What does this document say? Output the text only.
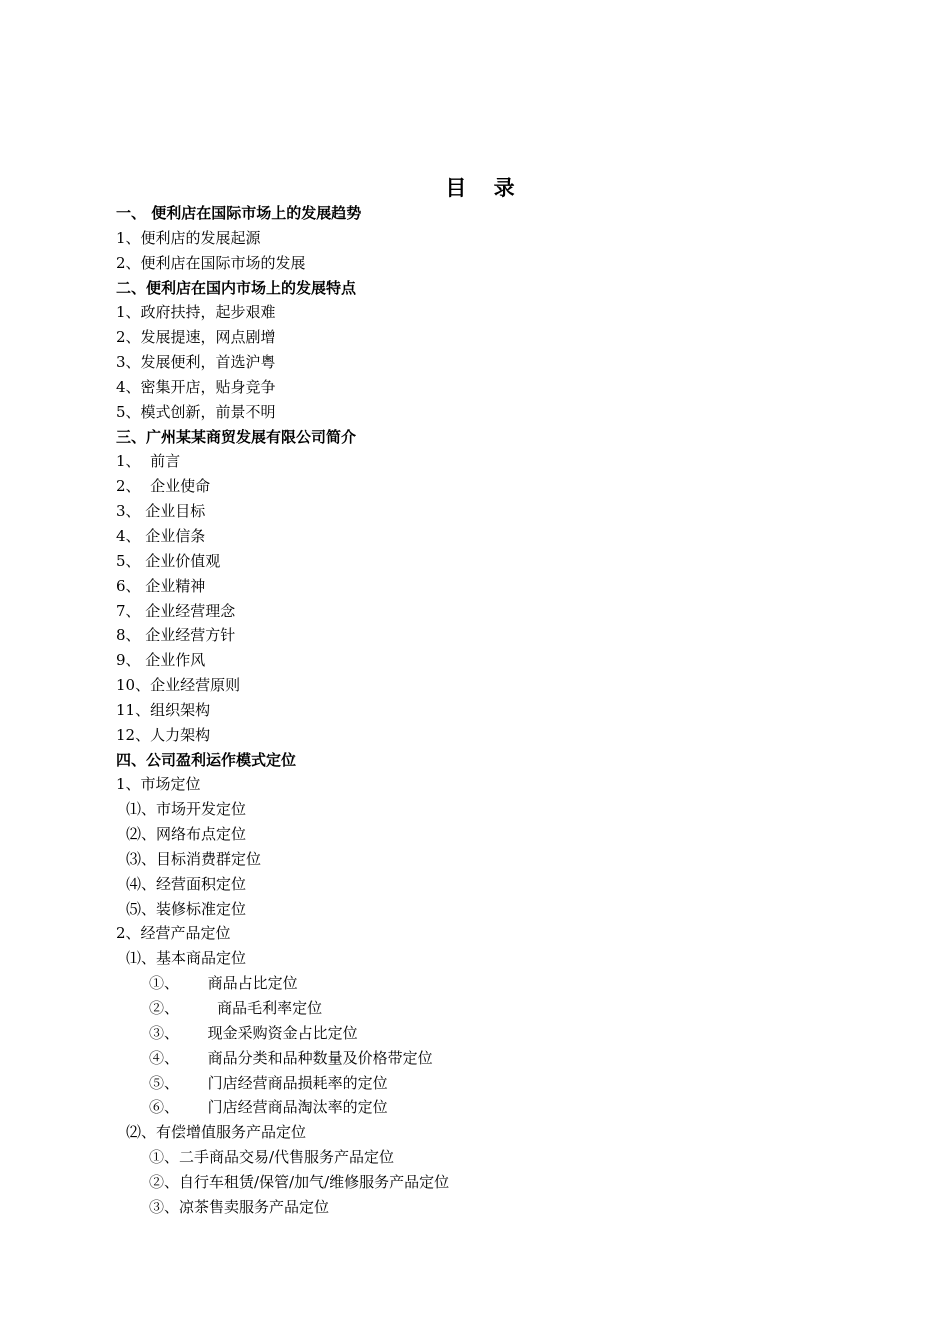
目 录
一、 便利店在国际市场上的发展趋势
1、便利店的发展起源
2、便利店在国际市场的发展
二、便利店在国内市场上的发展特点
1、政府扶持，起步艰难
2、发展提速，网点剧增
3、发展便利，首选沪粤
4、密集开店，贴身竞争
5、模式创新，前景不明
三、广州某某商贸发展有限公司简介
1、  前言
2、  企业使命
3、 企业目标
4、 企业信条
5、 企业价值观
6、 企业精神
7、 企业经营理念
8、 企业经营方针
9、 企业作风
10、企业经营原则
11、组织架构
12、人力架构
四、公司盈利运作模式定位
1、市场定位
⑴、市场开发定位
⑵、网络布点定位
⑶、目标消费群定位
⑷、经营面积定位
⑸、装修标准定位
2、经营产品定位
⑴、基本商品定位
①、      商品占比定位
②、        商品毛利率定位
③、      现金采购资金占比定位
④、      商品分类和品种数量及价格带定位
⑤、      门店经营商品损耗率的定位
⑥、      门店经营商品淘汰率的定位
⑵、有偿增值服务产品定位
①、二手商品交易/代售服务产品定位
②、自行车租赁/保管/加气/维修服务产品定位
③、凉茶售卖服务产品定位
